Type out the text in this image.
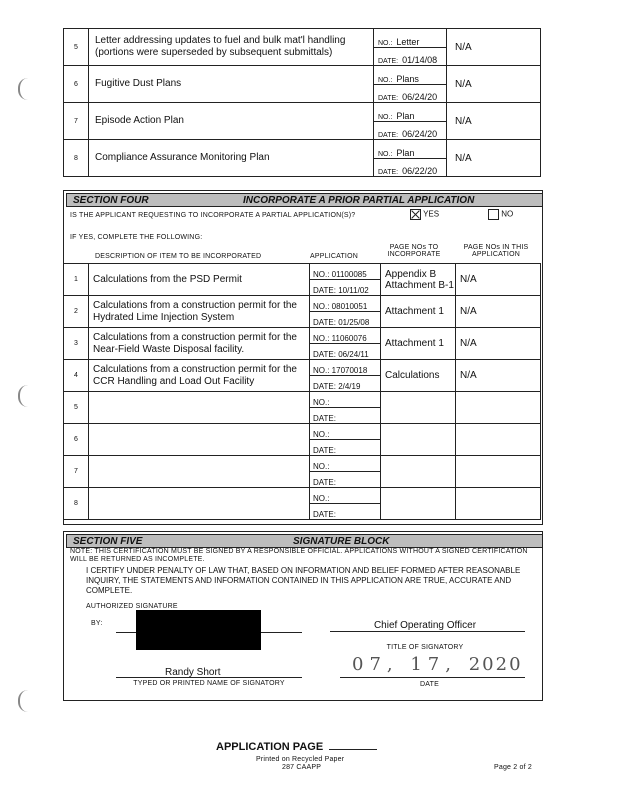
5	Letter addressing updates to fuel and bulk mat'l handling (portions were superseded by subsequent submittals)	NO.: Letter
DATE: 01/14/08	N/A
6	Fugitive Dust Plans	NO.: Plans
DATE: 06/24/20	N/A
7	Episode Action Plan	NO.: Plan
DATE: 06/24/20	N/A
8	Compliance Assurance Monitoring Plan	NO.: Plan
DATE: 06/22/20	N/A
SECTION FOUR	INCORPORATE A PRIOR PARTIAL APPLICATION
IS THE APPLICANT REQUESTING TO INCORPORATE A PARTIAL APPLICATION(S)?	YES	NO
IF YES, COMPLETE THE FOLLOWING:
DESCRIPTION OF ITEM TO BE INCORPORATED	APPLICATION
PAGE NOs TO INCORPORATE
PAGE NOs IN THIS APPLICATION
1	Calculations from the PSD Permit	NO.: 01100085
DATE: 10/11/02	Appendix B Attachment B-1	N/A
2	Calculations from a construction permit for the Hydrated Lime Injection System	NO.: 08010051
DATE: 01/25/08	Attachment 1	N/A
3	Calculations from a construction permit for the Near-Field Waste Disposal facility.	NO.: 11060076
DATE: 06/24/11	Attachment 1	N/A
4	Calculations from a construction permit for the CCR Handling and Load Out Facility	NO.: 17070018
DATE: 2/4/19	Calculations	N/A
5		NO.:
DATE:		

6		NO.:
DATE:		

7		NO.:
DATE:		

8		NO.:
DATE:		

SECTION FIVE	SIGNATURE BLOCK
NOTE: THIS CERTIFICATION MUST BE SIGNED BY A RESPONSIBLE OFFICIAL. APPLICATIONS WITHOUT A SIGNED CERTIFICATION WILL BE RETURNED AS INCOMPLETE.
I CERTIFY UNDER PENALTY OF LAW THAT, BASED ON INFORMATION AND BELIEF FORMED AFTER REASONABLE INQUIRY, THE STATEMENTS AND INFORMATION CONTAINED IN THIS APPLICATION ARE TRUE, ACCURATE AND COMPLETE.
AUTHORIZED SIGNATURE
BY:	Chief Operating Officer
TITLE OF SIGNATORY
Randy Short
TYPED OR PRINTED NAME OF SIGNATORY
07, 17, 2020
DATE
APPLICATION PAGE
Printed on Recycled Paper
287 CAAPP	Page 2 of 2
